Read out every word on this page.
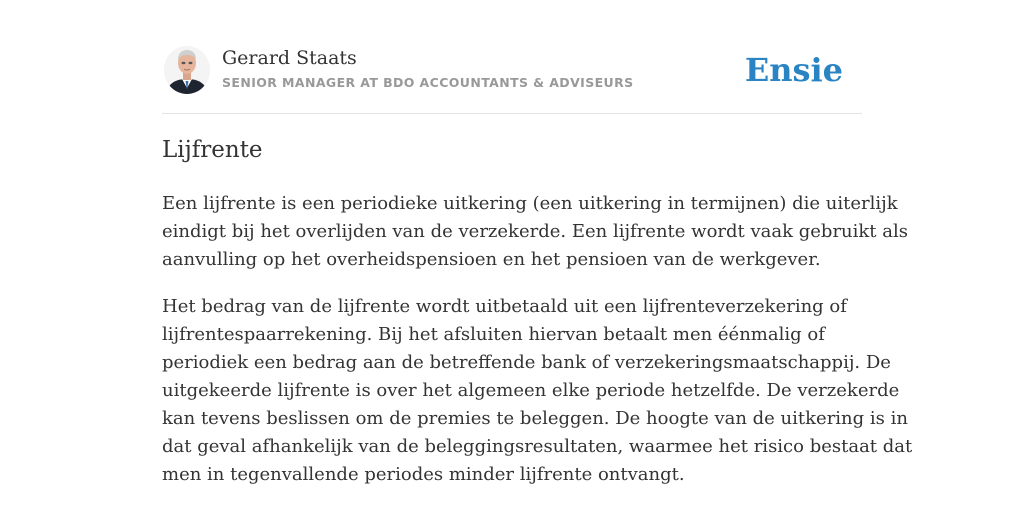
Gerard Staats
SENIOR MANAGER AT BDO ACCOUNTANTS & ADVISEURS	Ensie
Lijfrente
Een lijfrente is een periodieke uitkering (een uitkering in termijnen) die uiterlijk
eindigt bij het overlijden van de verzekerde. Een lijfrente wordt vaak gebruikt als
aanvulling op het overheidspensioen en het pensioen van de werkgever.
Het bedrag van de lijfrente wordt uitbetaald uit een lijfrenteverzekering of
lijfrentespaarrekening. Bij het afsluiten hiervan betaalt men éénmalig of
periodiek een bedrag aan de betreffende bank of verzekeringsmaatschappij. De
uitgekeerde lijfrente is over het algemeen elke periode hetzelfde. De verzekerde
kan tevens beslissen om de premies te beleggen. De hoogte van de uitkering is in
dat geval afhankelijk van de beleggingsresultaten, waarmee het risico bestaat dat
men in tegenvallende periodes minder lijfrente ontvangt.
